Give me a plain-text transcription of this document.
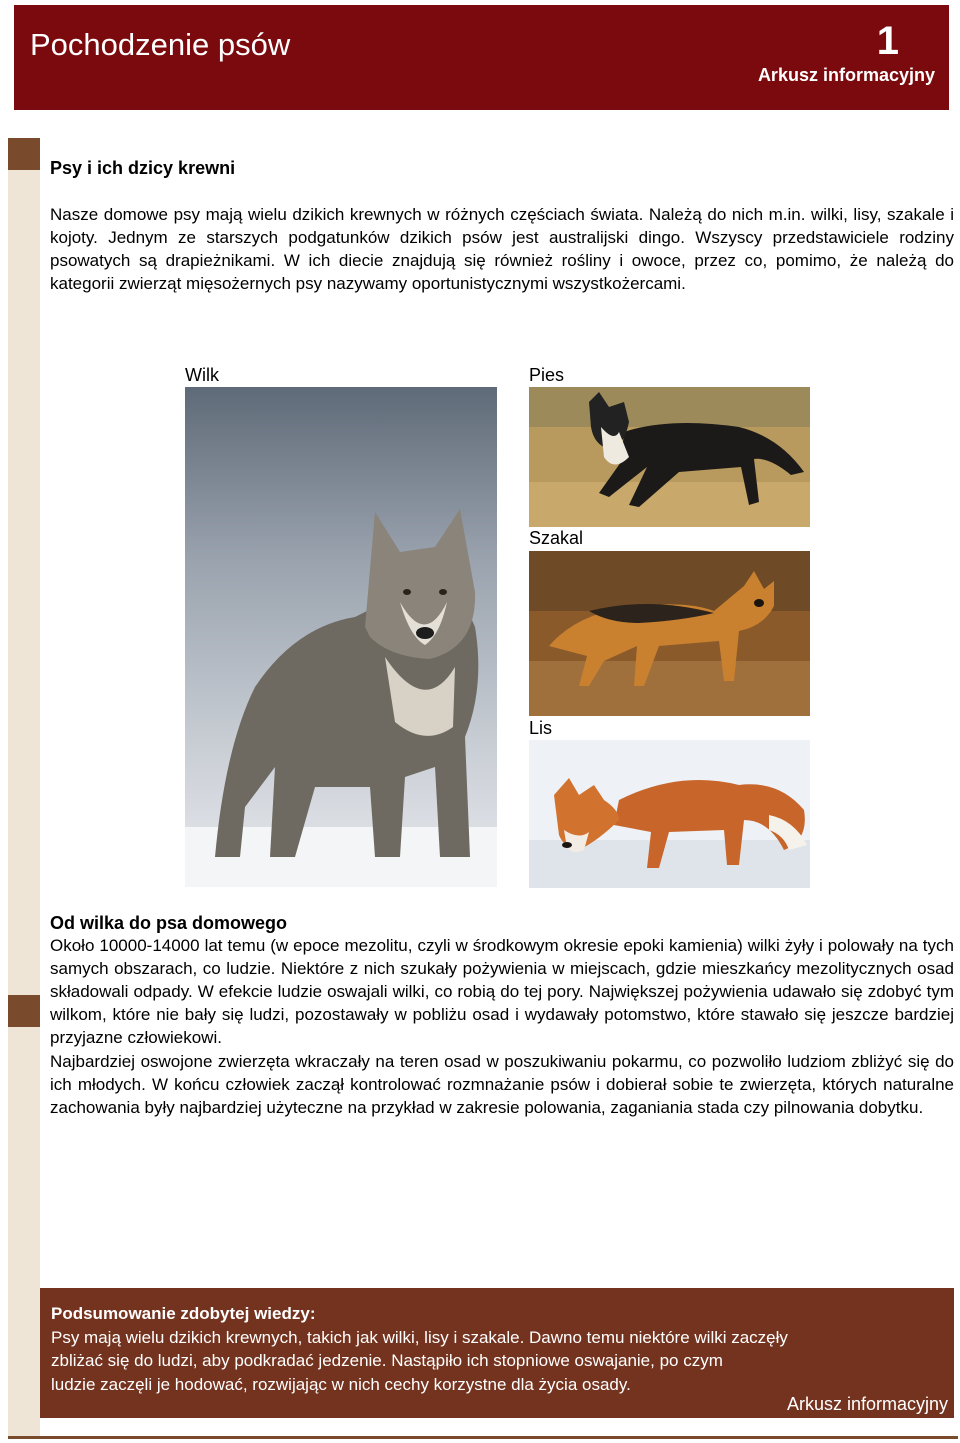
Pochodzenie psów	1
Arkusz informacyjny
Psy i ich dzicy krewni
Nasze domowe psy mają wielu dzikich krewnych w różnych częściach świata. Należą do nich m.in. wilki, lisy, szakale i kojoty. Jednym ze starszych podgatunków dzikich psów jest australijski dingo. Wszyscy przedstawiciele rodziny psowatych są drapieżnikami. W ich diecie znajdują się również rośliny i owoce, przez co, pomimo, że należą do kategorii zwierząt mięsożernych psy nazywamy oportunistycznymi wszystkożercami.
Wilk	Pies
Szakal
Lis
Od wilka do psa domowego
Około 10000-14000 lat temu (w epoce mezolitu, czyli w środkowym okresie epoki kamienia) wilki żyły i polowały na tych samych obszarach, co ludzie. Niektóre z nich szukały pożywienia w miejscach, gdzie mieszkańcy mezolitycznych osad składowali odpady. W efekcie ludzie oswajali wilki, co robią do tej pory. Największej pożywienia udawało się zdobyć tym wilkom, które nie bały się ludzi, pozostawały w pobliżu osad i wydawały potomstwo, które stawało się jeszcze bardziej przyjazne człowiekowi.
Najbardziej oswojone zwierzęta wkraczały na teren osad w poszukiwaniu pokarmu, co pozwoliło ludziom zbliżyć się do ich młodych. W końcu człowiek zaczął kontrolować rozmnażanie psów i dobierał sobie te zwierzęta, których naturalne zachowania były najbardziej użyteczne na przykład w zakresie polowania, zaganiania stada czy pilnowania dobytku.
Podsumowanie zdobytej wiedzy:
Psy mają wielu dzikich krewnych, takich jak wilki, lisy i szakale. Dawno temu niektóre wilki zaczęły
zbliżać się do ludzi, aby podkradać jedzenie. Nastąpiło ich stopniowe oswajanie, po czym
ludzie zaczęli je hodować, rozwijając w nich cechy korzystne dla życia osady.
Arkusz informacyjny
